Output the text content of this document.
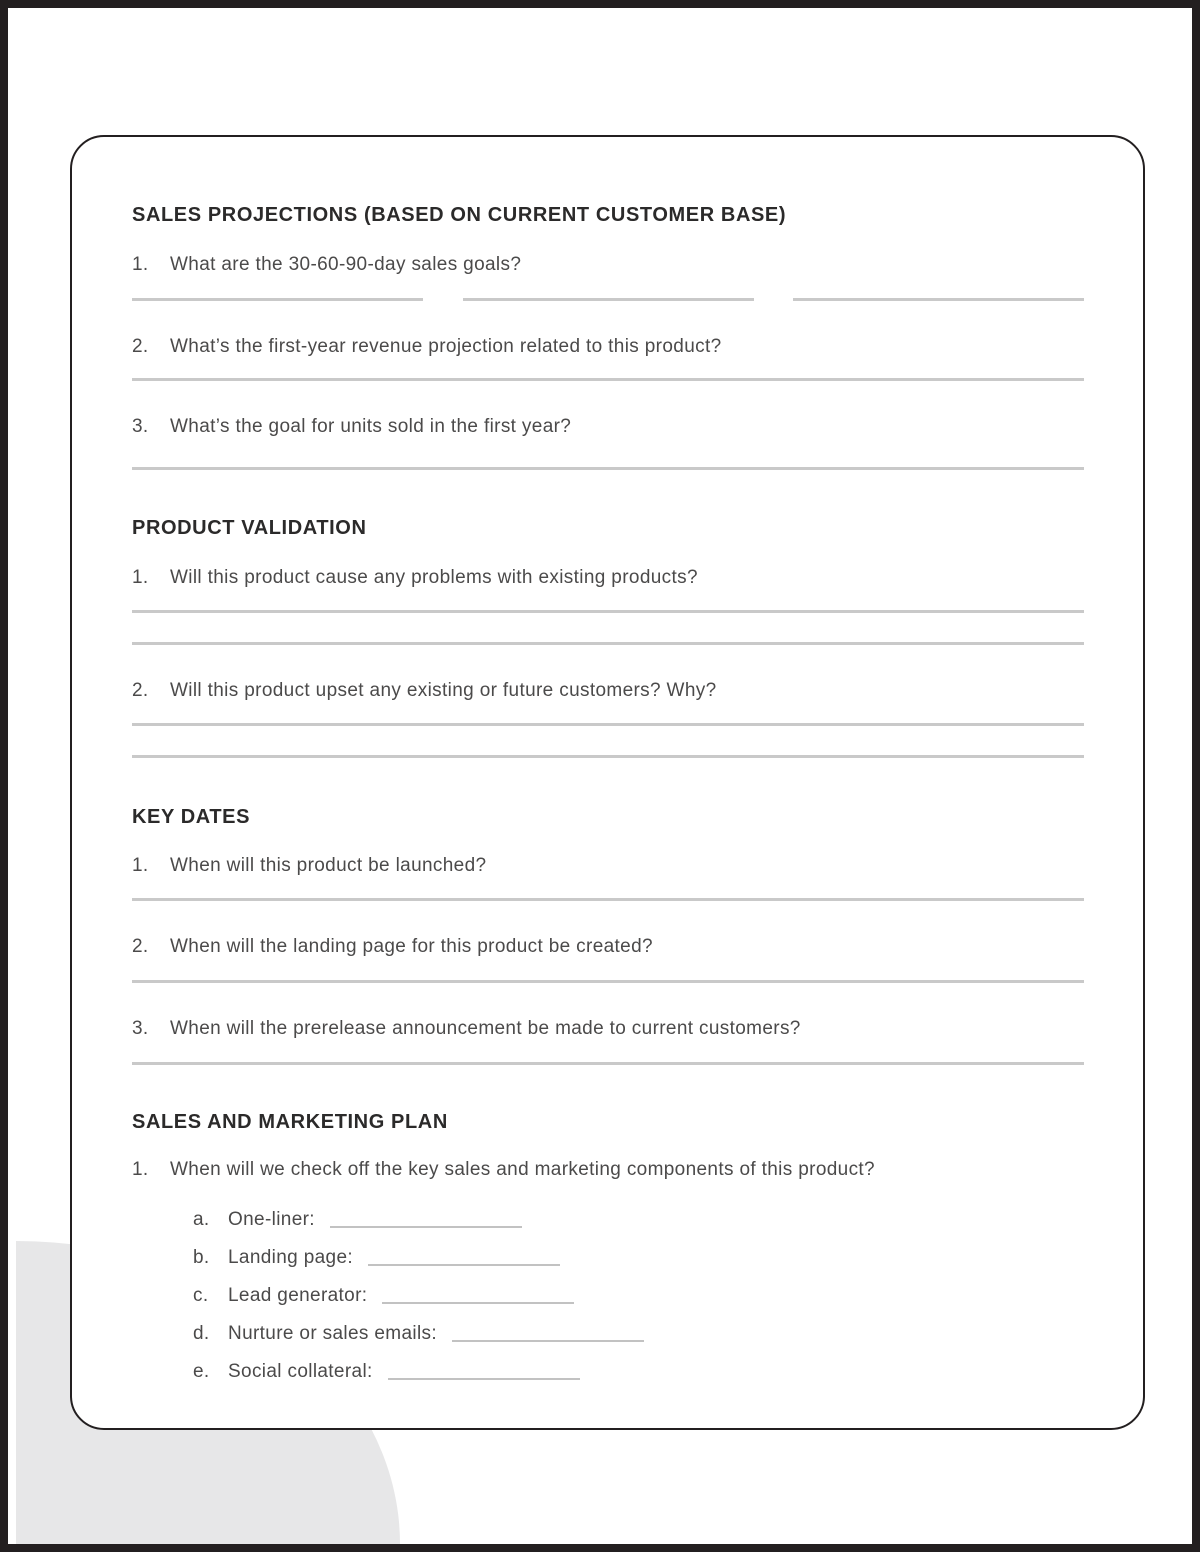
SALES PROJECTIONS (BASED ON CURRENT CUSTOMER BASE)
1.	What are the 30-60-90-day sales goals?
2.	What’s the first-year revenue projection related to this product?
3.	What’s the goal for units sold in the first year?
PRODUCT VALIDATION
1.	Will this product cause any problems with existing products?
2.	Will this product upset any existing or future customers? Why?
KEY DATES
1.	When will this product be launched?
2.	When will the landing page for this product be created?
3.	When will the prerelease announcement be made to current customers?
SALES AND MARKETING PLAN
1.	When will we check off the key sales and marketing components of this product?
a. One-liner:
b. Landing page:
c.	Lead generator:
d. Nurture or sales emails:
e. Social collateral:
